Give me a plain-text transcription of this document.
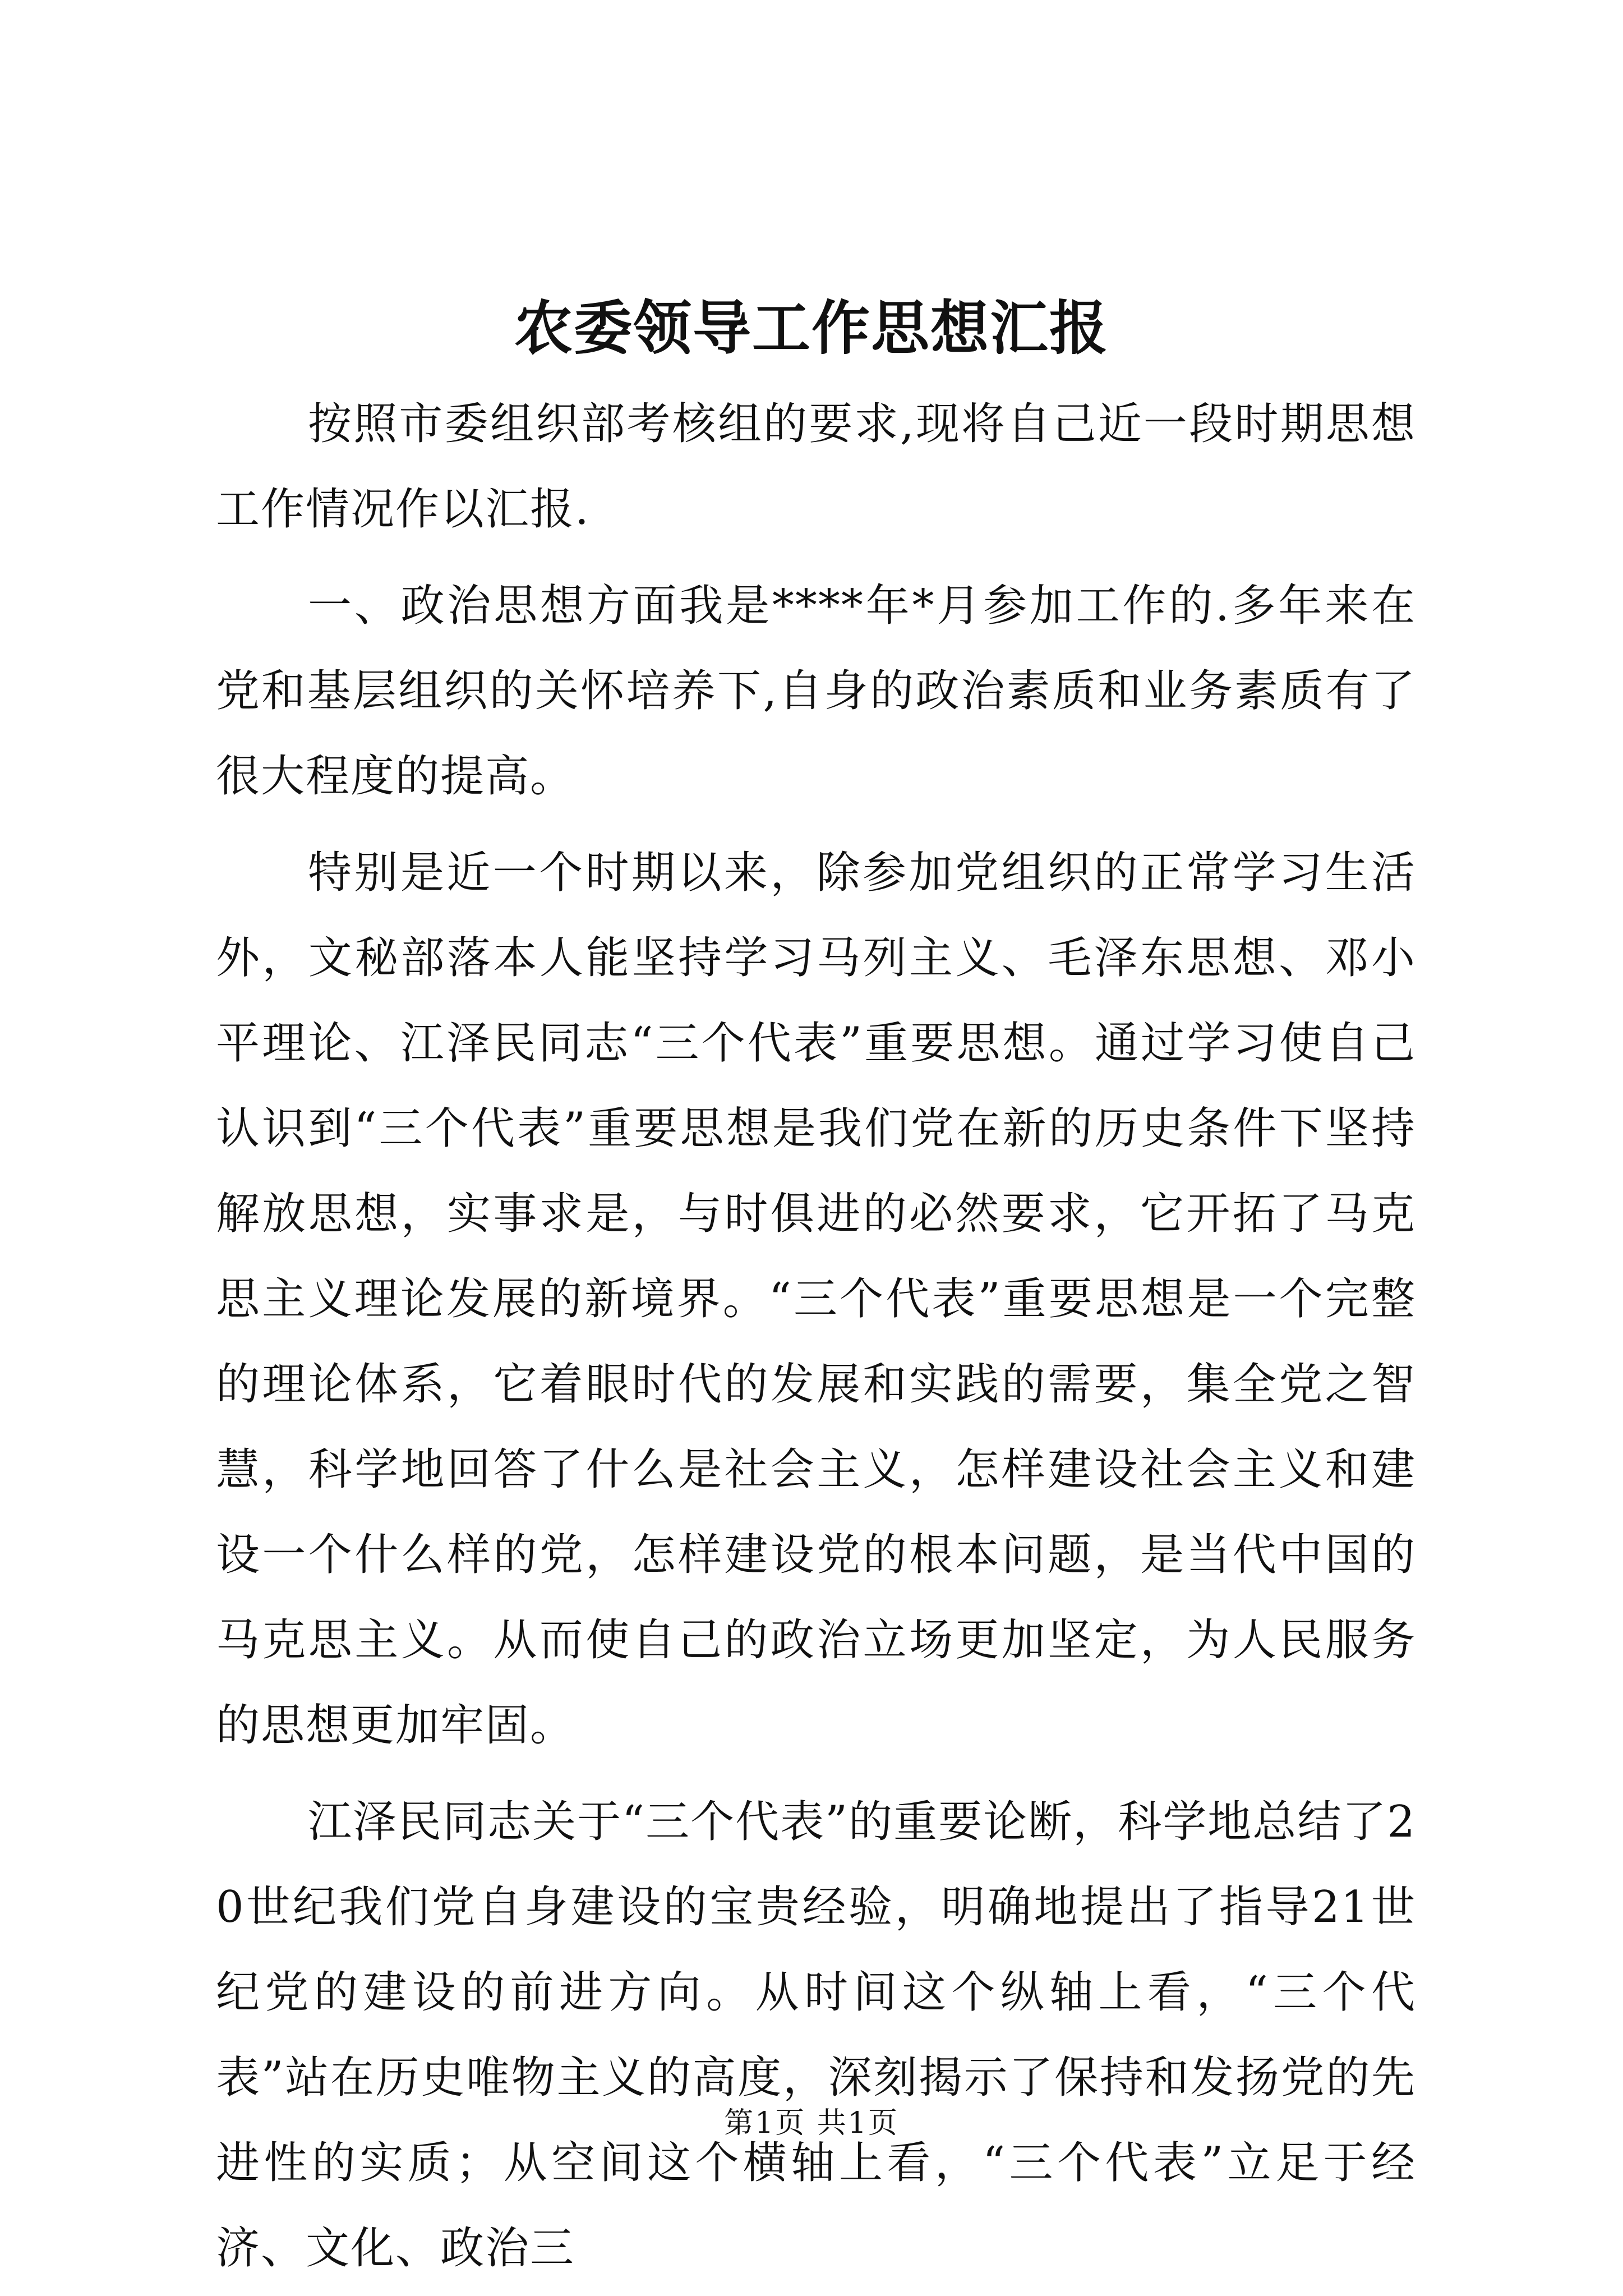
农委领导工作思想汇报

按照市委组织部考核组的要求,现将自己近一段时期思想工作情况作以汇报.

一、政治思想方面我是****年*月参加工作的.多年来在党和基层组织的关怀培养下,自身的政治素质和业务素质有了很大程度的提高。

特别是近一个时期以来，除参加党组织的正常学习生活外，文秘部落本人能坚持学习马列主义、毛泽东思想、邓小平理论、江泽民同志“三个代表”重要思想。通过学习使自己认识到“三个代表”重要思想是我们党在新的历史条件下坚持解放思想，实事求是，与时俱进的必然要求，它开拓了马克思主义理论发展的新境界。“三个代表”重要思想是一个完整的理论体系，它着眼时代的发展和实践的需要，集全党之智慧，科学地回答了什么是社会主义，怎样建设社会主义和建设一个什么样的党，怎样建设党的根本问题，是当代中国的马克思主义。从而使自己的政治立场更加坚定，为人民服务的思想更加牢固。

江泽民同志关于“三个代表”的重要论断，科学地总结了20世纪我们党自身建设的宝贵经验，明确地提出了指导21世纪党的建设的前进方向。从时间这个纵轴上看，“三个代表”站在历史唯物主义的高度，深刻揭示了保持和发扬党的先进性的实质；从空间这个横轴上看，“三个代表”立足于经济、文化、政治三

第1页 共1页
